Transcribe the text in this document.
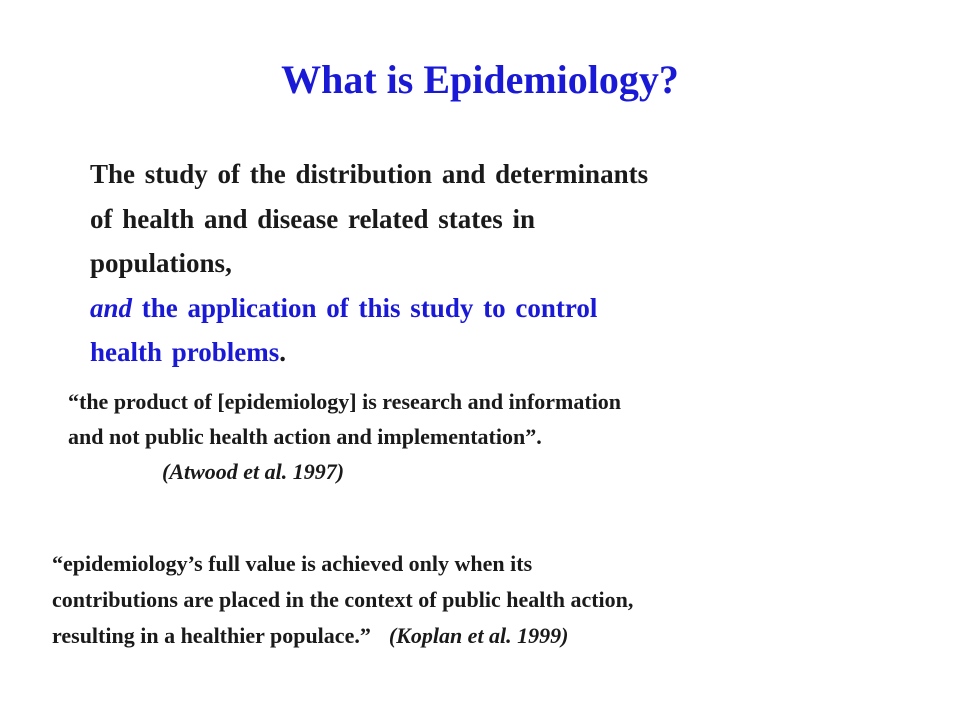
What is Epidemiology?
The study of the distribution and determinants
of health and disease related states in
populations,
and the application of this study to control
health problems.
“the product of [epidemiology] is research and information
and not public health action and implementation”.
(Atwood et al. 1997)
“epidemiology’s full value is achieved only when its
contributions are placed in the context of public health action,
resulting in a healthier populace.” (Koplan et al. 1999)
